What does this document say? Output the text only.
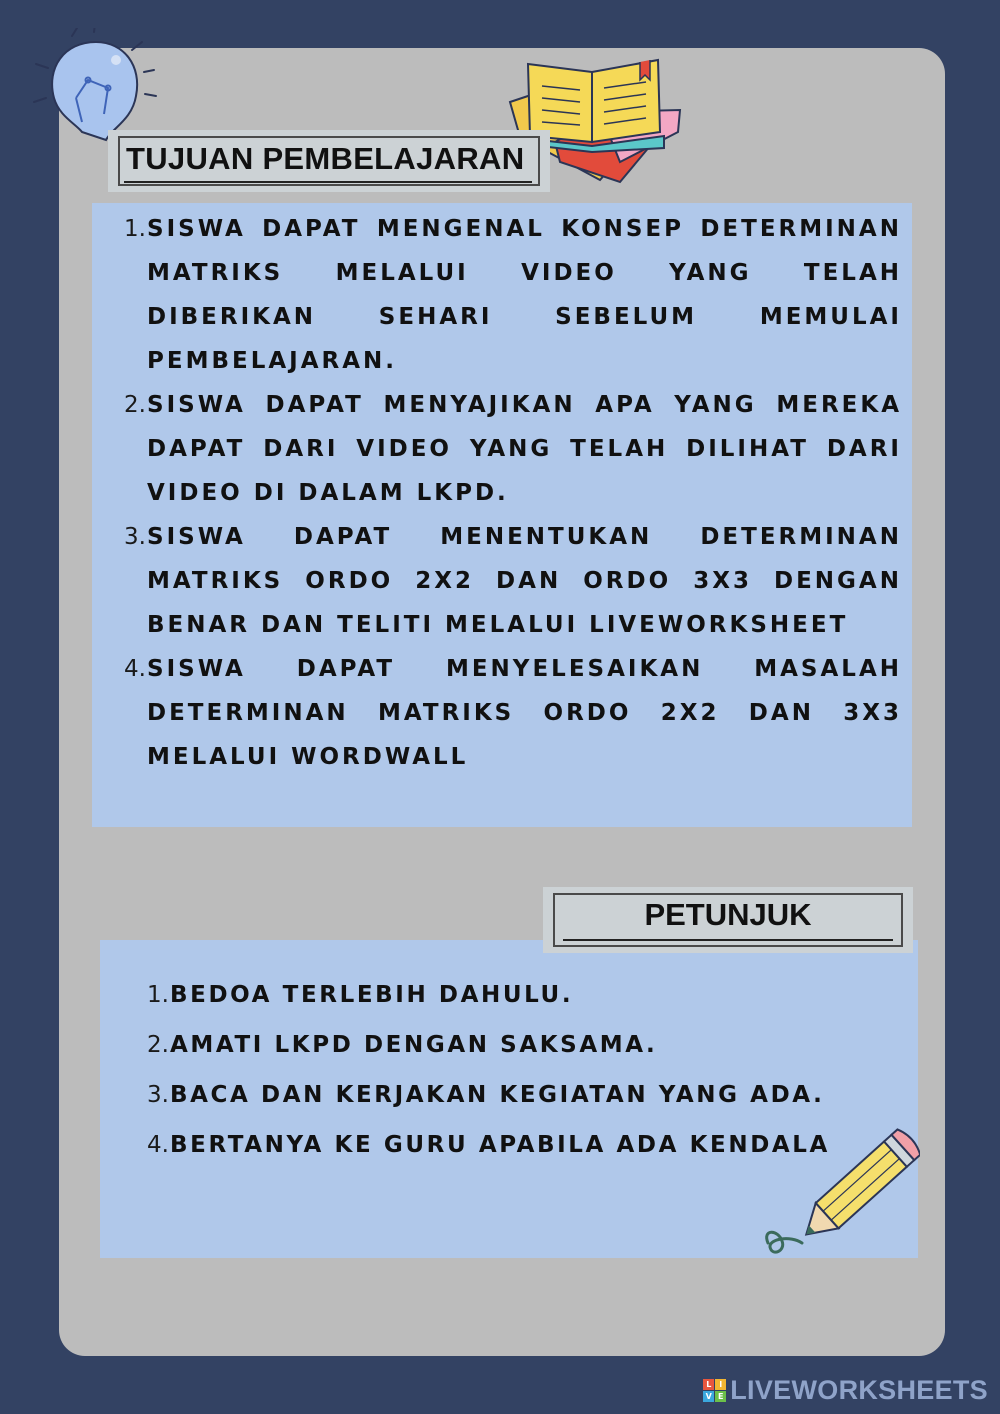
TUJUAN PEMBELAJARAN
1. SISWA DAPAT MENGENAL KONSEP DETERMINAN MATRIKS MELALUI VIDEO YANG TELAH DIBERIKAN SEHARI SEBELUM MEMULAI PEMBELAJARAN.
2. SISWA DAPAT MENYAJIKAN APA YANG MEREKA DAPAT DARI VIDEO YANG TELAH DILIHAT DARI VIDEO DI DALAM LKPD.
3. SISWA DAPAT MENENTUKAN DETERMINAN MATRIKS ORDO 2X2 DAN ORDO 3X3 DENGAN BENAR DAN TELITI MELALUI LIVEWORKSHEET
4. SISWA DAPAT MENYELESAIKAN MASALAH DETERMINAN MATRIKS ORDO 2X2 DAN 3X3 MELALUI WORDWALL
PETUNJUK
1. BEDOA TERLEBIH DAHULU.
2. AMATI LKPD DENGAN SAKSAMA.
3. BACA DAN KERJAKAN KEGIATAN YANG ADA.
4. BERTANYA KE GURU APABILA ADA KENDALA
L I
V E LIVEWORKSHEETS
